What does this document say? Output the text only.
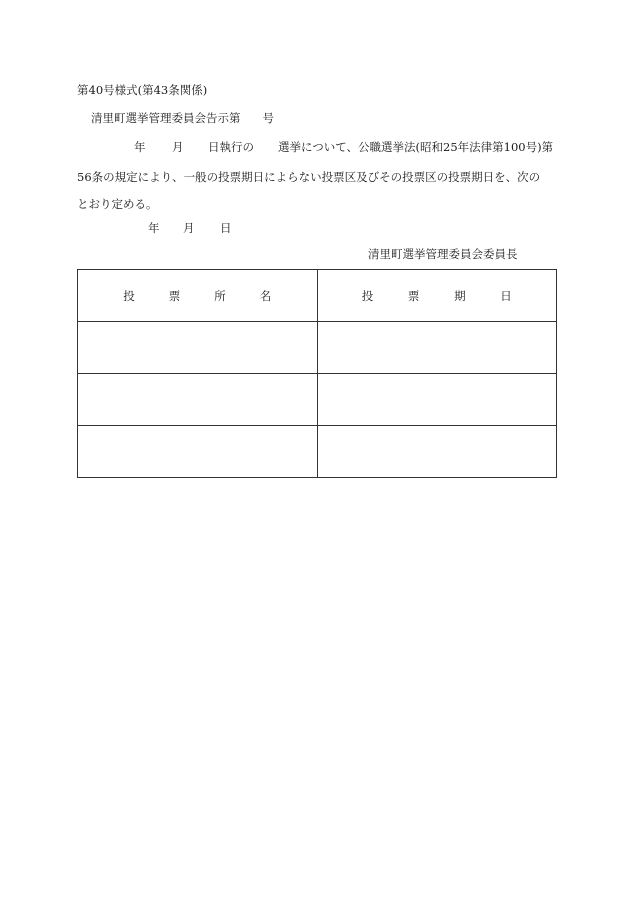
第40号様式(第43条関係)
清里町選挙管理委員会告示第 号
年 月 日執行の 選挙について、公職選挙法(昭和25年法律第100号)第
56条の規定により、一般の投票期日によらない投票区及びその投票区の投票期日を、次の
とおり定める。
年 月 日
清里町選挙管理委員会委員長
投 票 所 名	投 票 期 日
